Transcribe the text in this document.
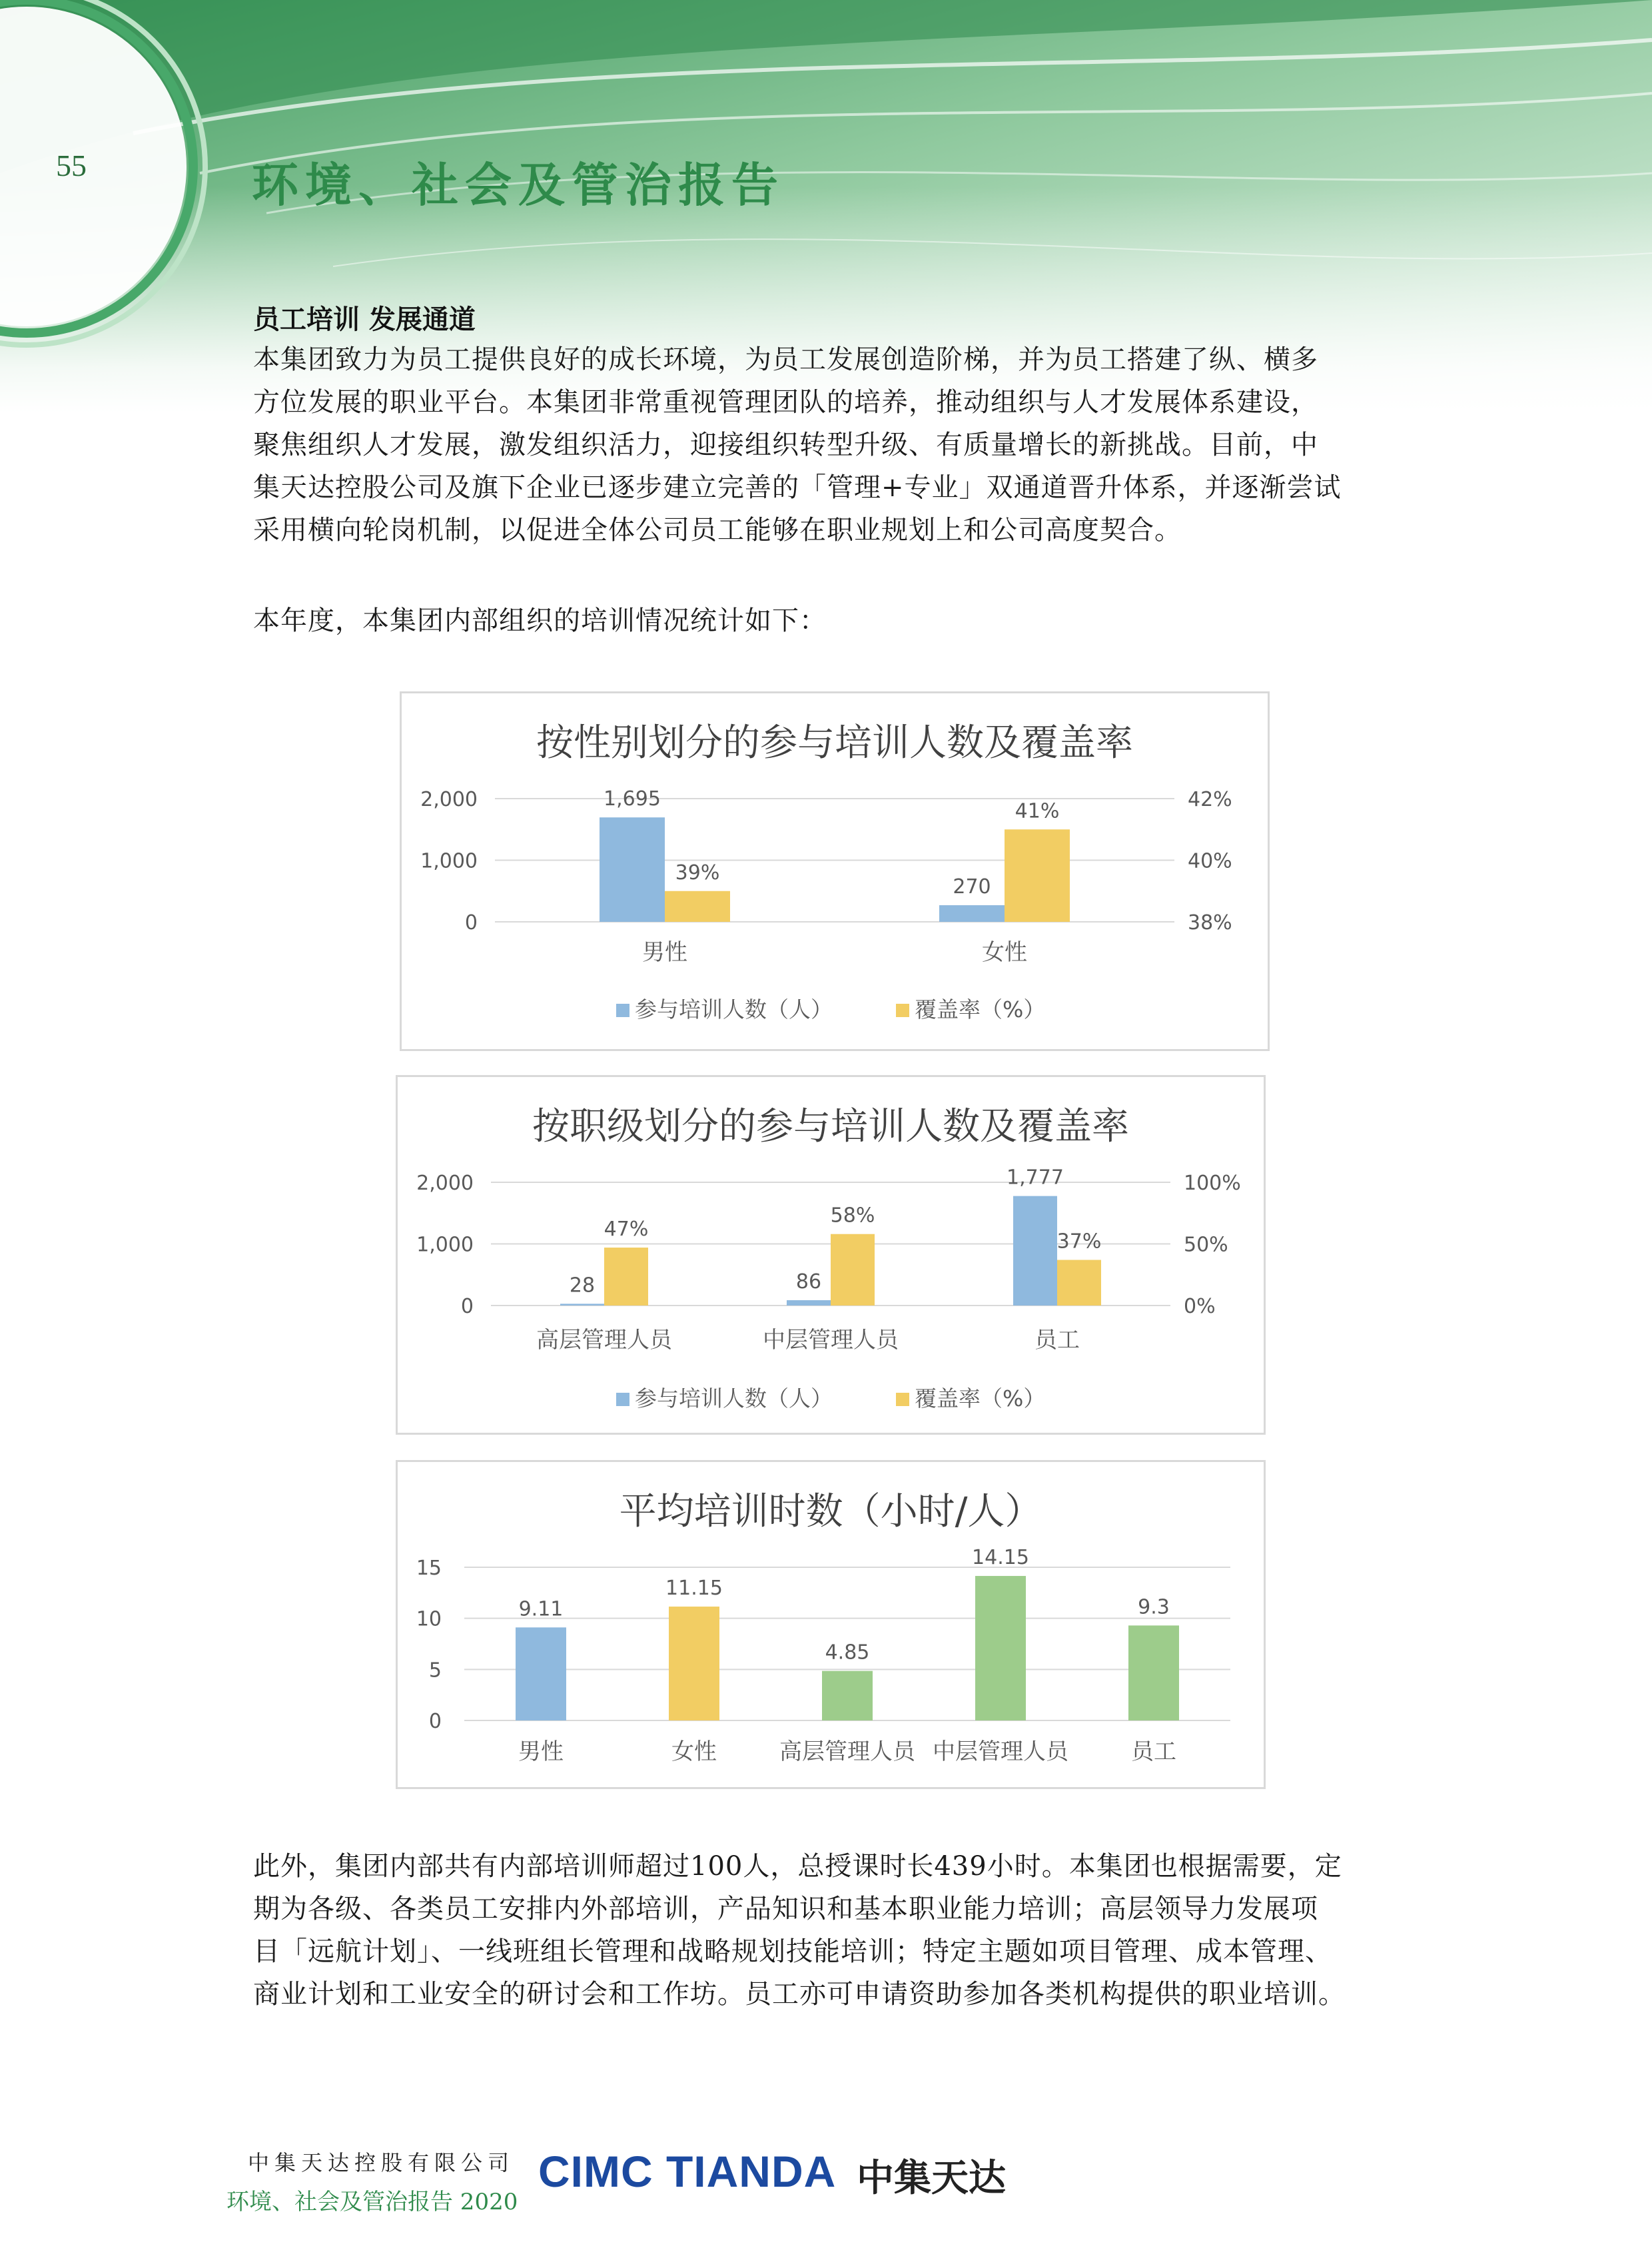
55	环境、社会及管治报告
员工培训 发展通道
本集团致力为员工提供良好的成长环境，为员工发展创造阶梯，并为员工搭建了纵、横多
方位发展的职业平台。本集团非常重视管理团队的培养，推动组织与人才发展体系建设，
聚焦组织人才发展，激发组织活力，迎接组织转型升级、有质量增长的新挑战。目前，中
集天达控股公司及旗下企业已逐步建立完善的「管理+专业」双通道晋升体系，并逐渐尝试
采用横向轮岗机制，以促进全体公司员工能够在职业规划上和公司高度契合。
本年度，本集团内部组织的培训情况统计如下：
按性别划分的参与培训人数及覆盖率
0
1,000
2,000
38%
40%
42%
1,695
39%
男性
270
41%
女性
参与培训人数（人）	覆盖率（%）
按职级划分的参与培训人数及覆盖率
0
1,000
2,000
0%
50%
100%
28
47%
高层管理人员
86
58%
中层管理人员
1,777
37%
员工
参与培训人数（人）	覆盖率（%）
平均培训时数（小时/人）
0
5
10
15
9.11
男性
11.15
女性
4.85
高层管理人员
14.15
中层管理人员
9.3
员工
此外，集团内部共有内部培训师超过100人，总授课时长439小时。本集团也根据需要，定
期为各级、各类员工安排内外部培训，产品知识和基本职业能力培训；高层领导力发展项
目「远航计划」、一线班组长管理和战略规划技能培训；特定主题如项目管理、成本管理、
商业计划和工业安全的研讨会和工作坊。员工亦可申请资助参加各类机构提供的职业培训。
中集天达控股有限公司
环境、社会及管治报告 2020
CIMC TIANDA 中集天达
